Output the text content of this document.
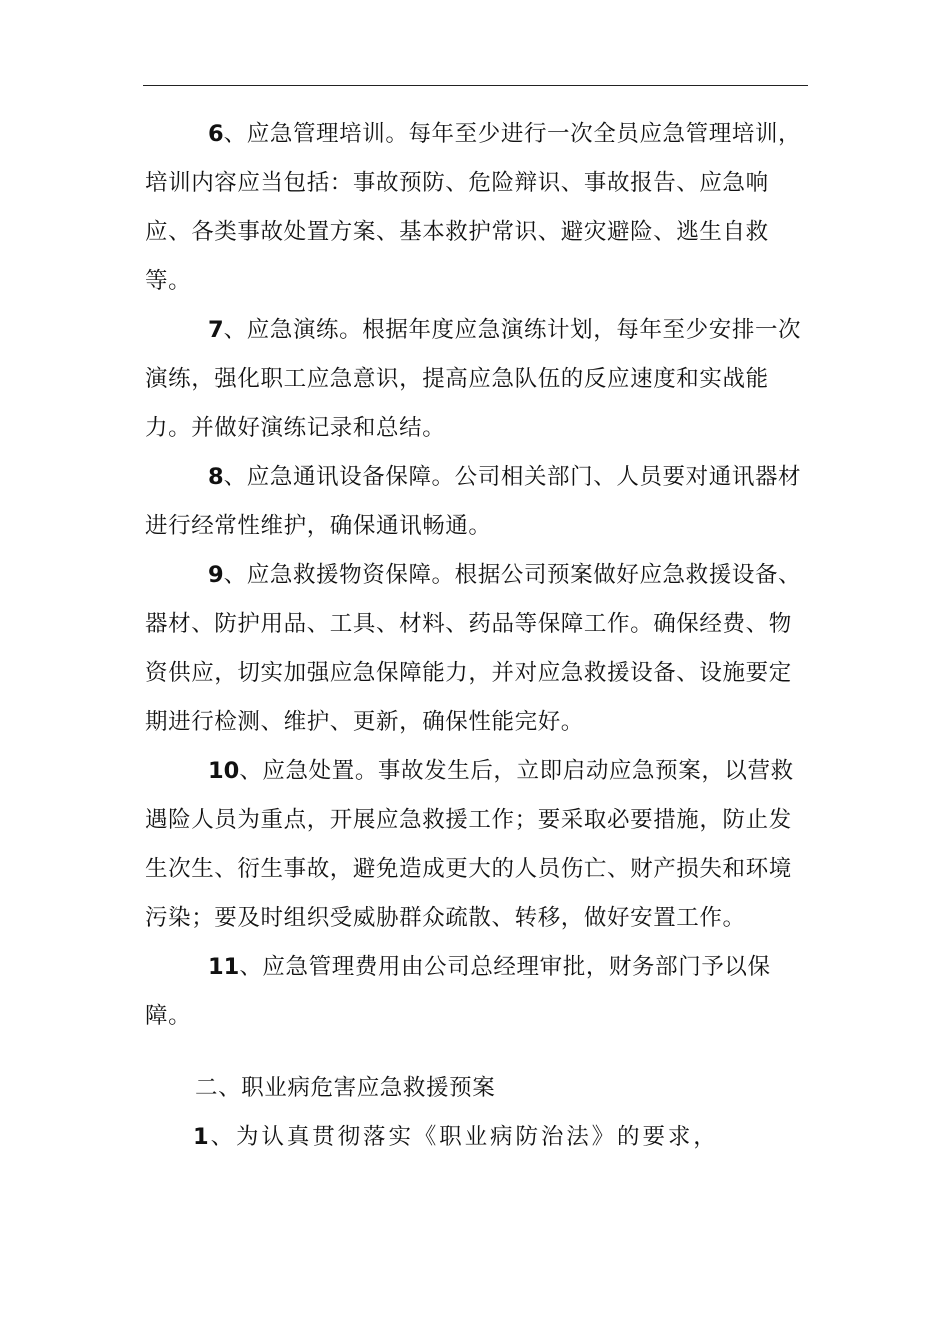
6、应急管理培训。每年至少进行一次全员应急管理培训，培训内容应当包括：事故预防、危险辩识、事故报告、应急响应、各类事故处置方案、基本救护常识、避灾避险、逃生自救等。

7、应急演练。根据年度应急演练计划，每年至少安排一次演练，强化职工应急意识，提高应急队伍的反应速度和实战能力。并做好演练记录和总结。

8、应急通讯设备保障。公司相关部门、人员要对通讯器材进行经常性维护，确保通讯畅通。

9、应急救援物资保障。根据公司预案做好应急救援设备、器材、防护用品、工具、材料、药品等保障工作。确保经费、物资供应，切实加强应急保障能力，并对应急救援设备、设施要定期进行检测、维护、更新，确保性能完好。

10、应急处置。事故发生后，立即启动应急预案，以营救遇险人员为重点，开展应急救援工作；要采取必要措施，防止发生次生、衍生事故，避免造成更大的人员伤亡、财产损失和环境污染；要及时组织受威胁群众疏散、转移，做好安置工作。

11、应急管理费用由公司总经理审批，财务部门予以保障。

二、职业病危害应急救援预案

1、为认真贯彻落实《职业病防治法》的要求，
